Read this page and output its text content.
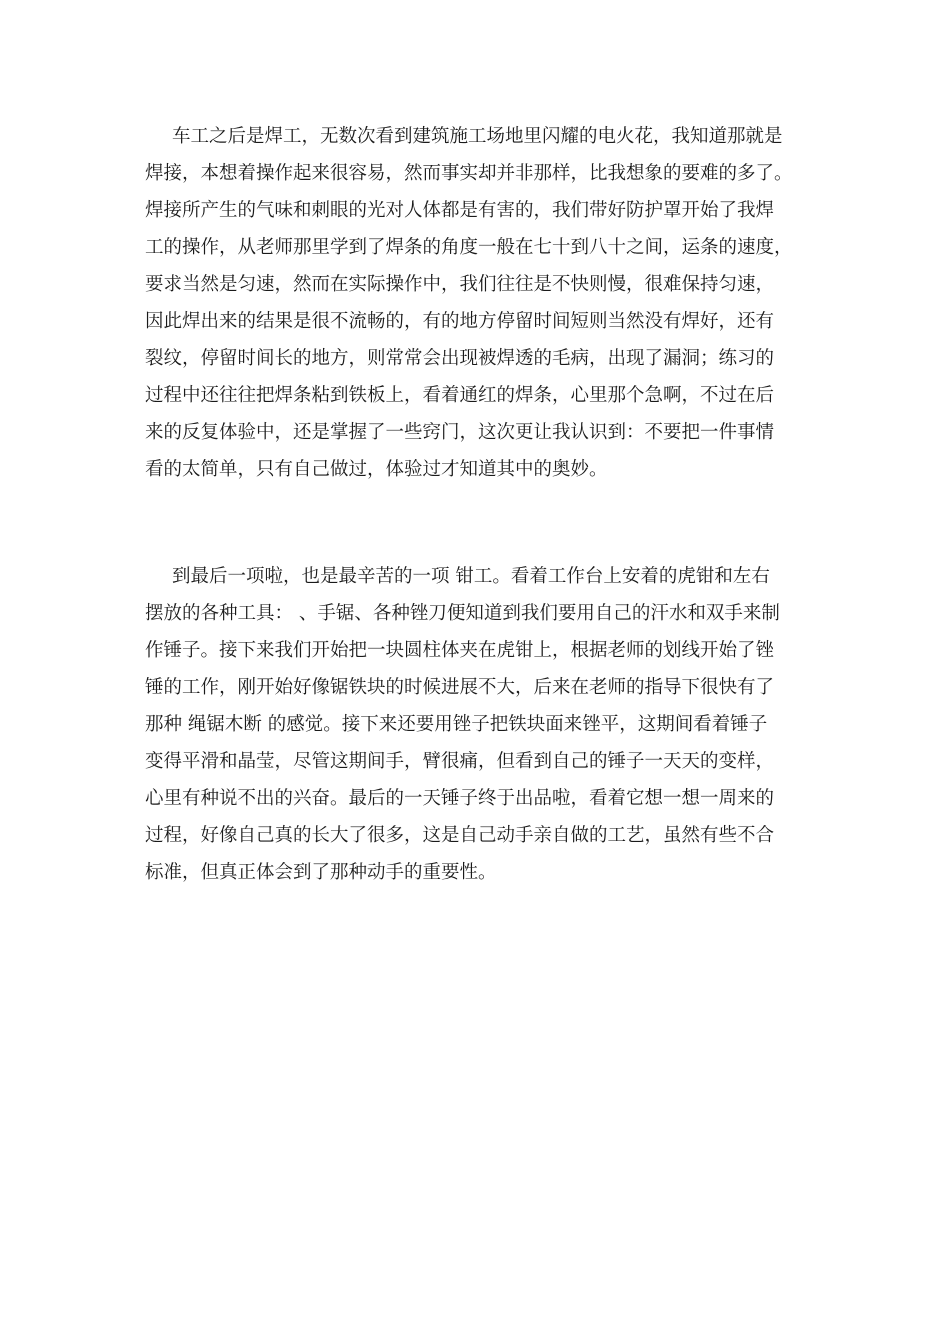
车工之后是焊工，无数次看到建筑施工场地里闪耀的电火花，我知道那就是
焊接，本想着操作起来很容易，然而事实却并非那样，比我想象的要难的多了。
焊接所产生的气味和刺眼的光对人体都是有害的，我们带好防护罩开始了我焊
工的操作，从老师那里学到了焊条的角度一般在七十到八十之间，运条的速度，
要求当然是匀速，然而在实际操作中，我们往往是不快则慢，很难保持匀速，
因此焊出来的结果是很不流畅的，有的地方停留时间短则当然没有焊好，还有
裂纹，停留时间长的地方，则常常会出现被焊透的毛病，出现了漏洞；练习的
过程中还往往把焊条粘到铁板上，看着通红的焊条，心里那个急啊，不过在后
来的反复体验中，还是掌握了一些窍门，这次更让我认识到：不要把一件事情
看的太简单，只有自己做过，体验过才知道其中的奥妙。
到最后一项啦，也是最辛苦的一项 钳工。看着工作台上安着的虎钳和左右
摆放的各种工具： 、手锯、各种锉刀便知道到我们要用自己的汗水和双手来制
作锤子。接下来我们开始把一块圆柱体夹在虎钳上，根据老师的划线开始了锉
锤的工作，刚开始好像锯铁块的时候进展不大，后来在老师的指导下很快有了
那种 绳锯木断 的感觉。接下来还要用锉子把铁块面来锉平，这期间看着锤子
变得平滑和晶莹，尽管这期间手，臂很痛，但看到自己的锤子一天天的变样，
心里有种说不出的兴奋。最后的一天锤子终于出品啦，看着它想一想一周来的
过程，好像自己真的长大了很多，这是自己动手亲自做的工艺，虽然有些不合
标准，但真正体会到了那种动手的重要性。
